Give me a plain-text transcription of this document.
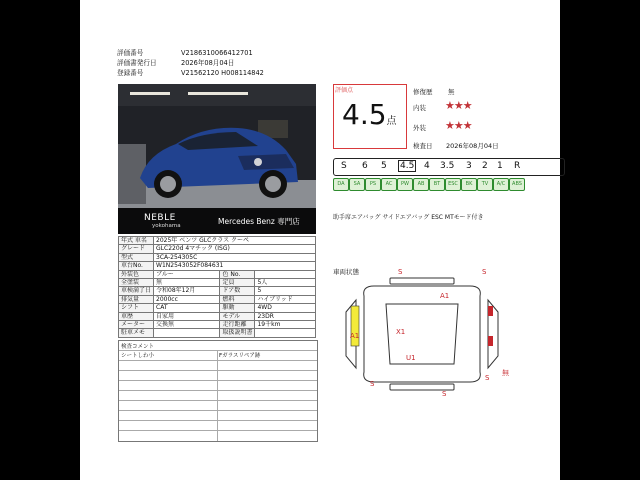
評価番号	V2186310066412701
評価書発行日	2026年08月04日
登録番号	V21562120 H008114842
NEBLE
yokohama	Mercedes Benz 専門店
年式 車名	2025年 ベンツ GLCクラス クーペ		
グレード	GLC220d 4マチック (ISG)		
型式	3CA-254305C		
車台No.	W1N2543052F084631		
外装色	ブルー	色 No.	
全塗装	無	定員	5人
車検満了日	令和08年12月	ドア数	5
排気量	2000cc	燃料	ハイブリッド
シフト	CAT	駆動	4WD
車歴	自家用	モデル	23DR
メーター	交換無	走行距離	19千km
駐車メモ		取扱説明書	
検査コメント
シートしわ小	Fガラスリペア跡
評価点
4.5点
修復歴 無
内装 ★★★
外装 ★★★
検査日 2026年08月04日
S 6 5 4.5 4 3.5 3 2 1 R
DA	SA	PS	AC	PW	AB	BT	ESC	BK	TV	A/C	ABS
助手席エアバッグ サイドエアバッグ ESC MTモード付き
車両状態	S	S
A1
A1	X1
U1
S
S
S
無
